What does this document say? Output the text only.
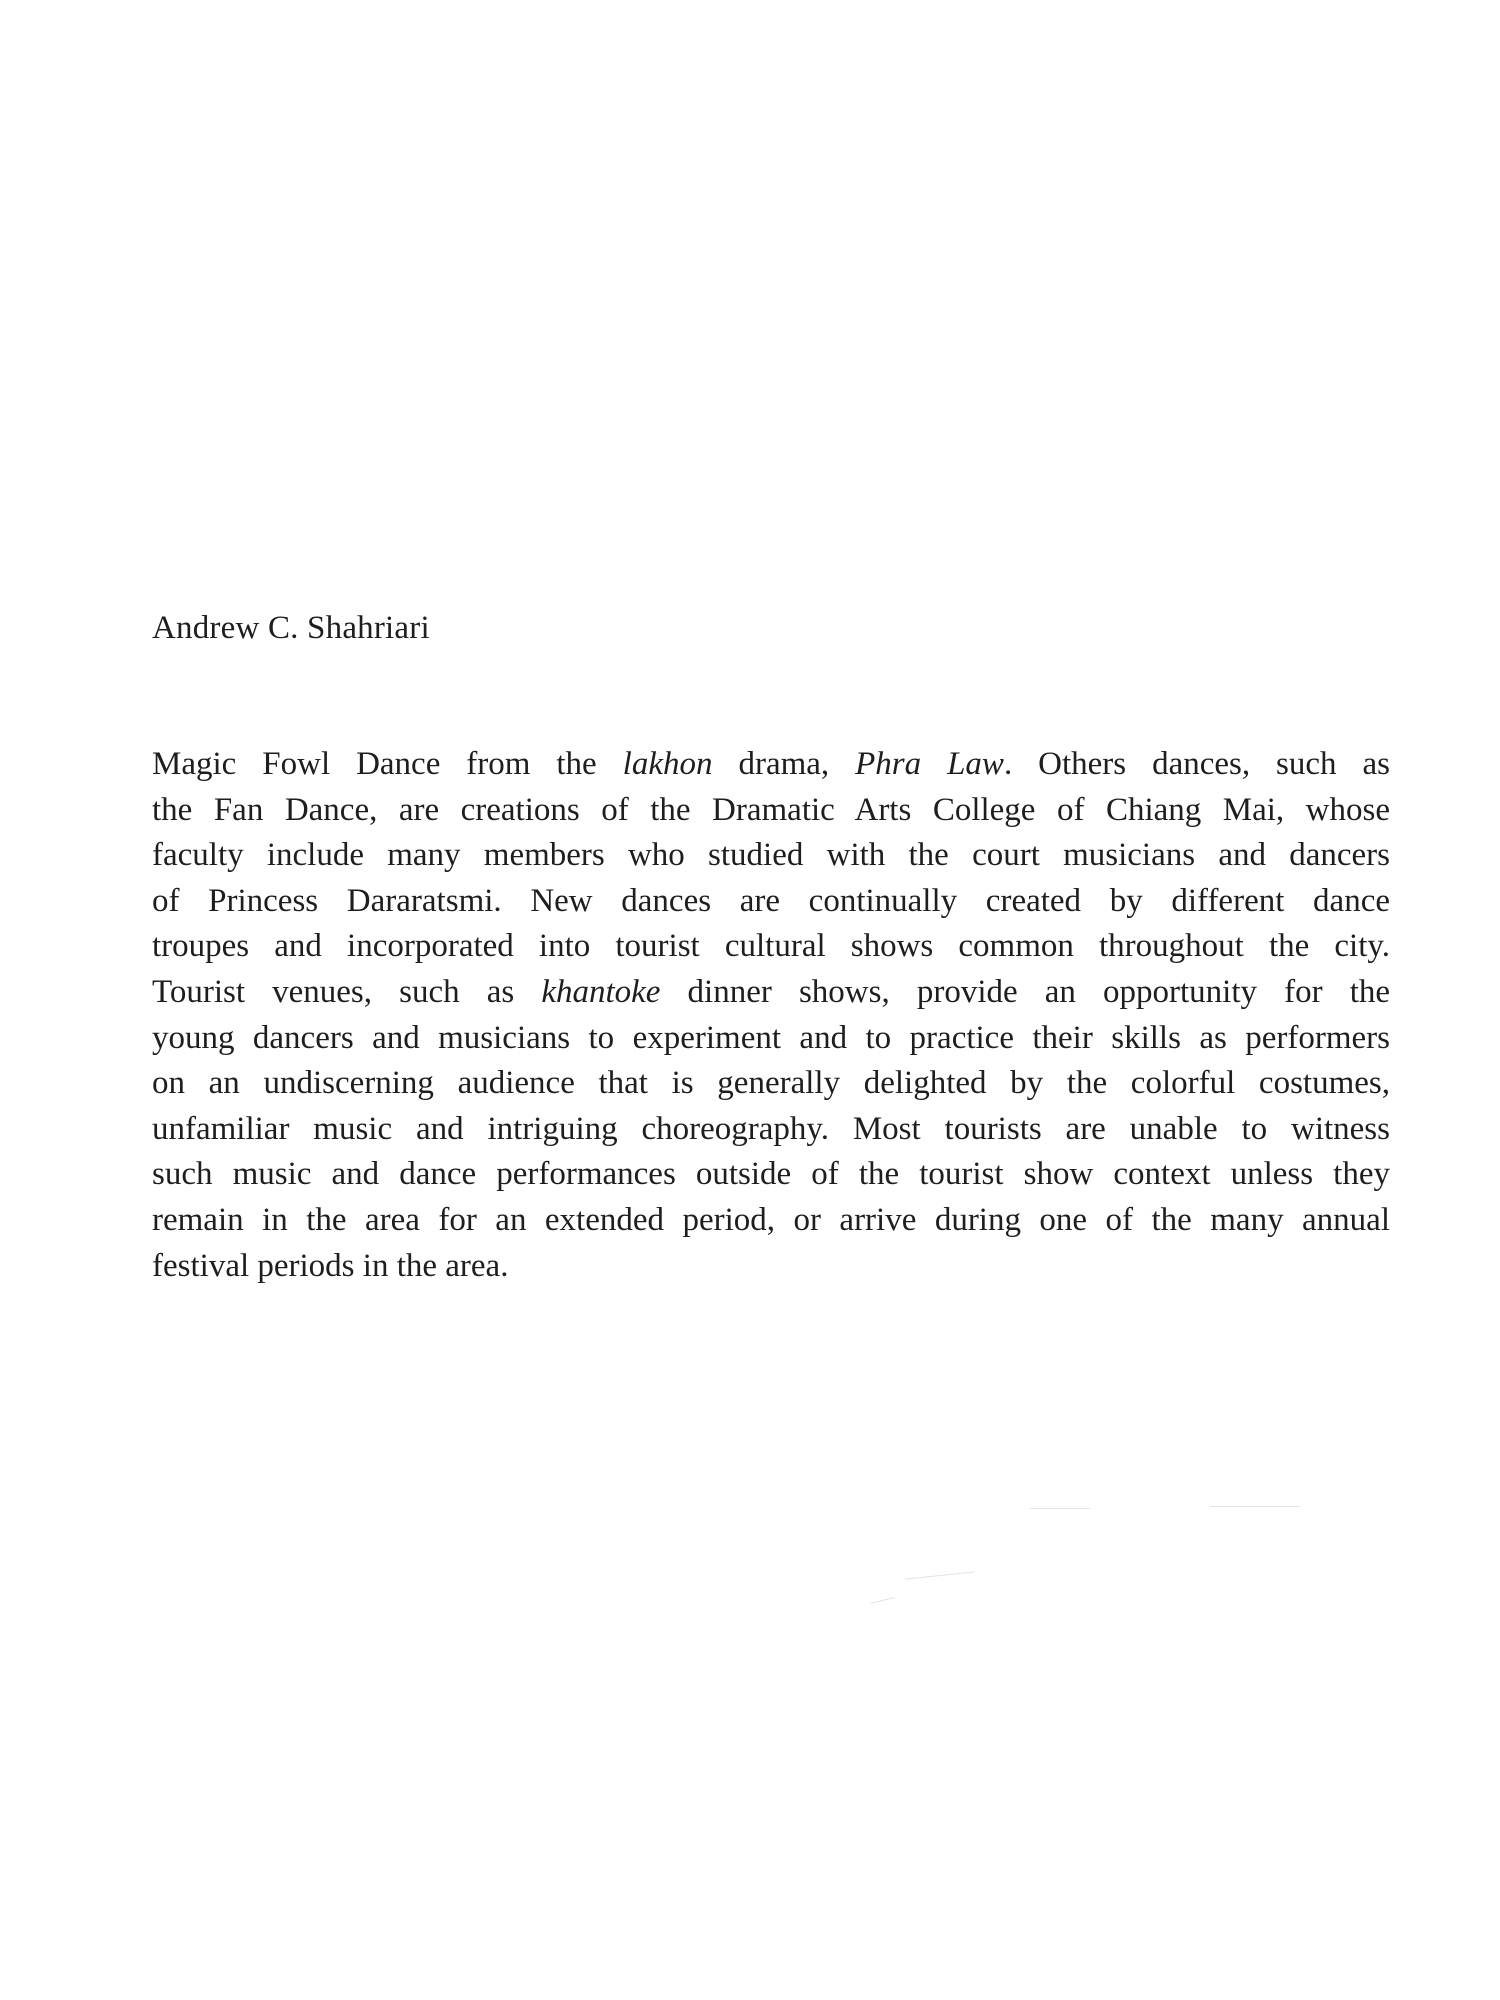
Andrew C. Shahriari
Magic Fowl Dance from the lakhon drama, Phra Law. Others dances, such as
the Fan Dance, are creations of the Dramatic Arts College of Chiang Mai, whose
faculty include many members who studied with the court musicians and dancers
of Princess Dararatsmi. New dances are continually created by different dance
troupes and incorporated into tourist cultural shows common throughout the city.
Tourist venues, such as khantoke dinner shows, provide an opportunity for the
young dancers and musicians to experiment and to practice their skills as performers
on an undiscerning audience that is generally delighted by the colorful costumes,
unfamiliar music and intriguing choreography. Most tourists are unable to witness
such music and dance performances outside of the tourist show context unless they
remain in the area for an extended period, or arrive during one of the many annual
festival periods in the area.
